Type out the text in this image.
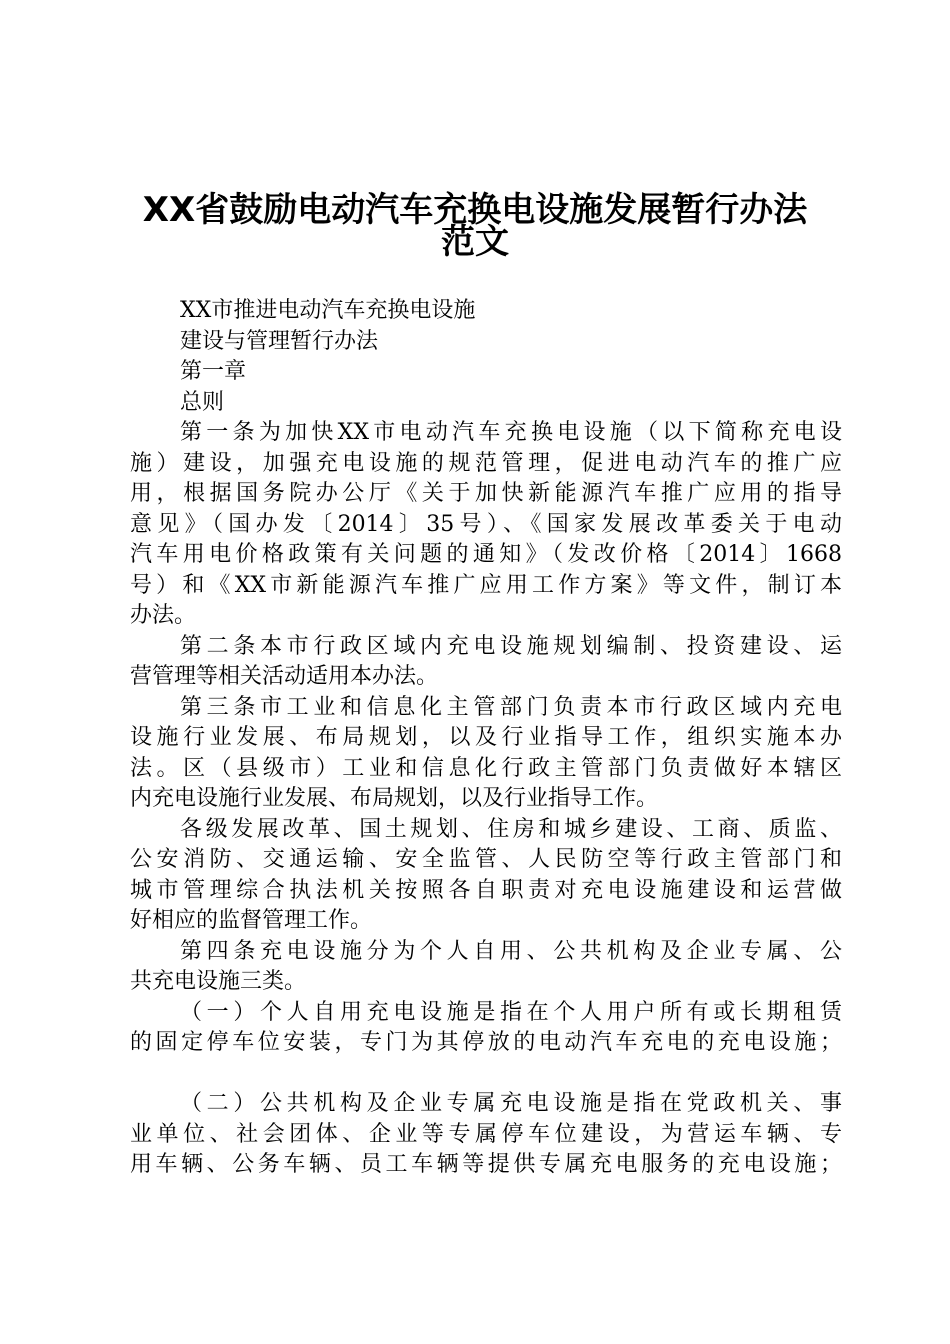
XX省鼓励电动汽车充换电设施发展暂行办法
范文
XX市推进电动汽车充换电设施
建设与管理暂行办法
第一章
总则
第一条为加快XX市电动汽车充换电设施（以下简称充电设
施）建设，加强充电设施的规范管理，促进电动汽车的推广应
用，根据国务院办公厅《关于加快新能源汽车推广应用的指导
意见》（国办发〔2014〕35号）、《国家发展改革委关于电动
汽车用电价格政策有关问题的通知》（发改价格〔2014〕1668
号）和《XX市新能源汽车推广应用工作方案》等文件，制订本
办法。
第二条本市行政区域内充电设施规划编制、投资建设、运
营管理等相关活动适用本办法。
第三条市工业和信息化主管部门负责本市行政区域内充电
设施行业发展、布局规划，以及行业指导工作，组织实施本办
法。区（县级市）工业和信息化行政主管部门负责做好本辖区
内充电设施行业发展、布局规划，以及行业指导工作。
各级发展改革、国土规划、住房和城乡建设、工商、质监、
公安消防、交通运输、安全监管、人民防空等行政主管部门和
城市管理综合执法机关按照各自职责对充电设施建设和运营做
好相应的监督管理工作。
第四条充电设施分为个人自用、公共机构及企业专属、公
共充电设施三类。
（一）个人自用充电设施是指在个人用户所有或长期租赁
的固定停车位安装，专门为其停放的电动汽车充电的充电设施；
（二）公共机构及企业专属充电设施是指在党政机关、事
业单位、社会团体、企业等专属停车位建设，为营运车辆、专
用车辆、公务车辆、员工车辆等提供专属充电服务的充电设施；
